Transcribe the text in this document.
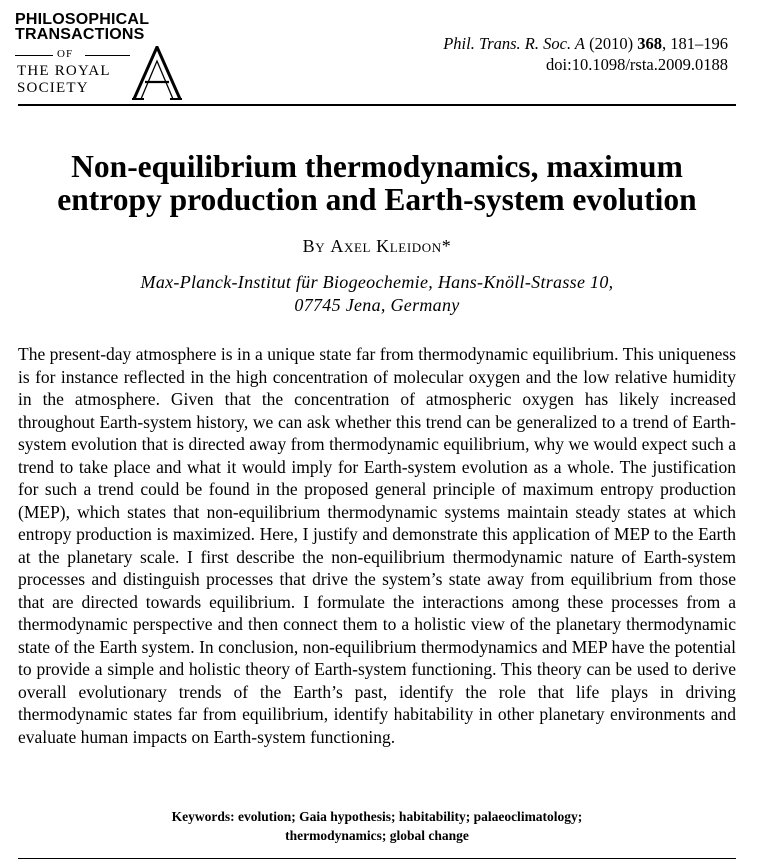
PHILOSOPHICAL
TRANSACTIONS
OF
THE ROYAL
SOCIETY
Phil. Trans. R. Soc. A (2010) 368, 181–196
doi:10.1098/rsta.2009.0188
Non-equilibrium thermodynamics, maximum
entropy production and Earth-system evolution
By Axel Kleidon*
Max-Planck-Institut für Biogeochemie, Hans-Knöll-Strasse 10,
07745 Jena, Germany
The present-day atmosphere is in a unique state far from thermodynamic equilibrium. This uniqueness is for instance reflected in the high concentration of molecular oxygen and the low relative humidity in the atmosphere. Given that the concentration of atmospheric oxygen has likely increased throughout Earth-system history, we can ask whether this trend can be generalized to a trend of Earth-system evolution that is directed away from thermodynamic equilibrium, why we would expect such a trend to take place and what it would imply for Earth-system evolution as a whole. The justification for such a trend could be found in the proposed general principle of maximum entropy production (MEP), which states that non-equilibrium thermodynamic systems maintain steady states at which entropy production is maximized. Here, I justify and demonstrate this application of MEP to the Earth at the planetary scale. I first describe the non-equilibrium thermodynamic nature of Earth-system processes and distinguish processes that drive the system’s state away from equilibrium from those that are directed towards equilibrium. I formulate the interactions among these processes from a thermodynamic perspective and then connect them to a holistic view of the planetary thermodynamic state of the Earth system. In conclusion, non-equilibrium thermodynamics and MEP have the potential to provide a simple and holistic theory of Earth-system functioning. This theory can be used to derive overall evolutionary trends of the Earth’s past, identify the role that life plays in driving thermodynamic states far from equilibrium, identify habitability in other planetary environments and evaluate human impacts on Earth-system functioning.
Keywords: evolution; Gaia hypothesis; habitability; palaeoclimatology;
thermodynamics; global change
